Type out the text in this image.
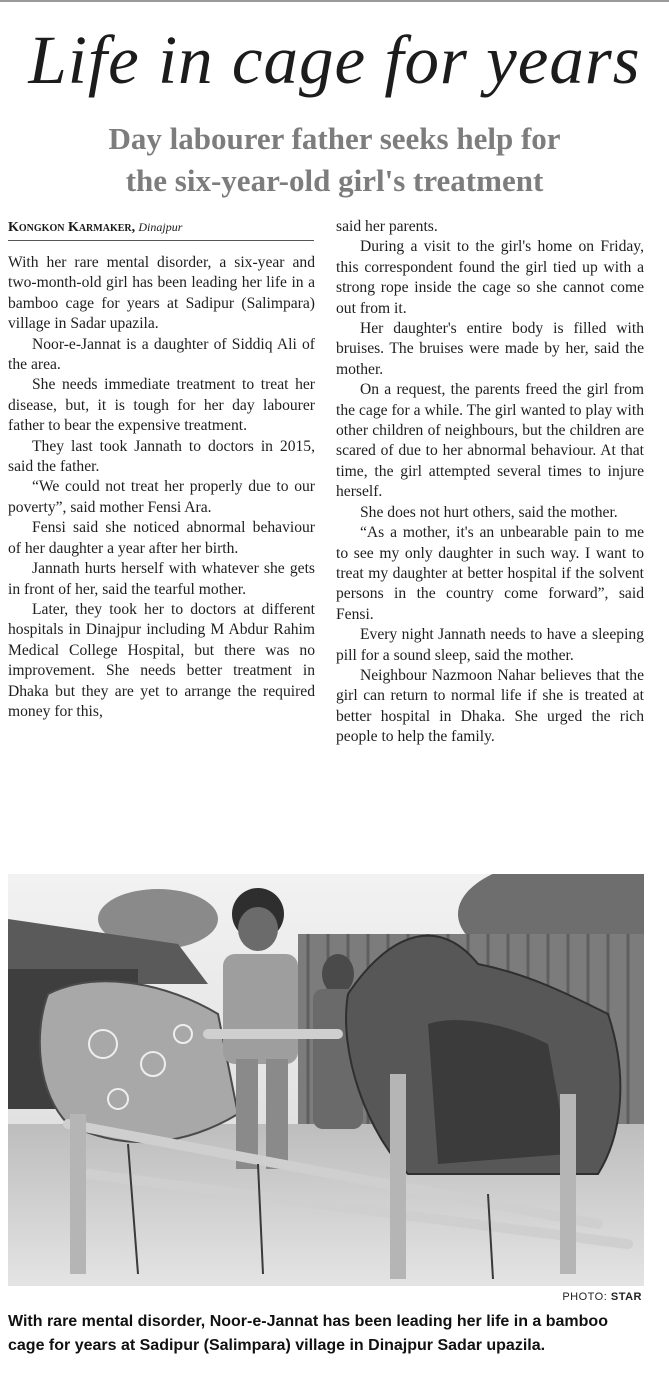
Life in cage for years
Day labourer father seeks help for
the six-year-old girl's treatment
Kongkon Karmaker, Dinajpur

With her rare mental disorder, a six-year and two-month-old girl has been leading her life in a bamboo cage for years at Sadipur (Salimpara) village in Sadar upazila.

Noor-e-Jannat is a daughter of Siddiq Ali of the area.

She needs immediate treatment to treat her disease, but, it is tough for her day labourer father to bear the expensive treatment.

They last took Jannath to doctors in 2015, said the father.

“We could not treat her properly due to our poverty”, said mother Fensi Ara.

Fensi said she noticed abnormal behaviour of her daughter a year after her birth.

Jannath hurts herself with whatever she gets in front of her, said the tearful mother.

Later, they took her to doctors at different hospitals in Dinajpur including M Abdur Rahim Medical College Hospital, but there was no improvement. She needs better treatment in Dhaka but they are yet to arrange the required money for this,

said her parents.

During a visit to the girl's home on Friday, this correspondent found the girl tied up with a strong rope inside the cage so she cannot come out from it.

Her daughter's entire body is filled with bruises. The bruises were made by her, said the mother.

On a request, the parents freed the girl from the cage for a while. The girl wanted to play with other children of neighbours, but the children are scared of due to her abnormal behaviour. At that time, the girl attempted several times to injure herself.

She does not hurt others, said the mother.

“As a mother, it's an unbearable pain to me to see my only daughter in such way. I want to treat my daughter at better hospital if the solvent persons in the country come forward”, said Fensi.

Every night Jannath needs to have a sleeping pill for a sound sleep, said the mother.

Neighbour Nazmoon Nahar believes that the girl can return to normal life if she is treated at better hospital in Dhaka. She urged the rich people to help the family.

PHOTO: STAR
With rare mental disorder, Noor-e-Jannat has been leading her life in a bamboo cage for years at Sadipur (Salimpara) village in Dinajpur Sadar upazila.
